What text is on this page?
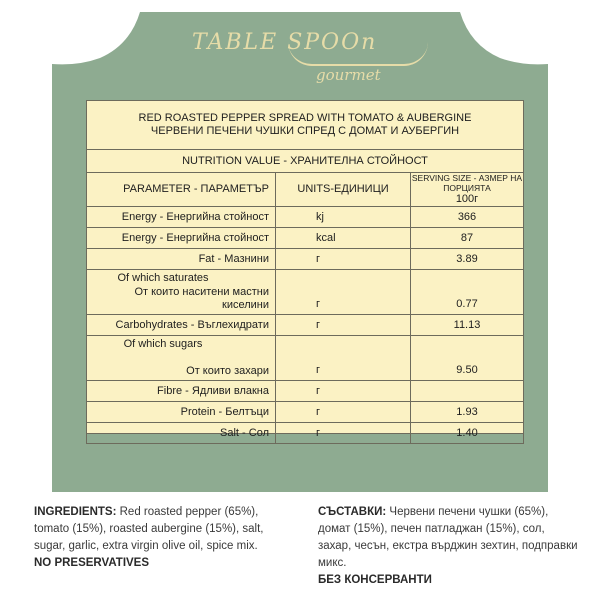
TABLE SPOOn
gourmet
RED ROASTED PEPPER SPREAD WITH TOMATO & AUBERGINE
ЧЕРВЕНИ ПЕЧЕНИ ЧУШКИ СПРЕД С ДОМАТ И АУБЕРГИН		

NUTRITION VALUE - ХРАНИТЕЛНА СТОЙНОСТ		
PARAMETER - ПАРАМЕТЪР	UNITS-ЕДИНИЦИ	SERVING SIZE - АЗМЕР НА ПОРЦИЯТА
100г

Energy - Енергийна стойност	kj	366
Energy - Енергийна стойност	kcal	87
Fat - Мазнини	г	3.89

Of which saturates
От които наситени мастни киселини	г	0.77

Carbohydrates - Въглехидрати	г	11.13

Of which sugars
От които захари	г	9.50

Fibre - Ядливи влакна	г	
Protein - Белтъци	г	1.93
Salt - Сол	г	1.40
INGREDIENTS: Red roasted pepper (65%), tomato (15%), roasted aubergine (15%), salt, sugar, garlic, extra virgin olive oil, spice mix.
NO PRESERVATIVES
СЪСТАВКИ: Червени печени чушки (65%), домат (15%), печен патладжан (15%), сол, захар, чесън, екстра върджин зехтин, подправки микс.
БЕЗ КОНСЕРВАНТИ
